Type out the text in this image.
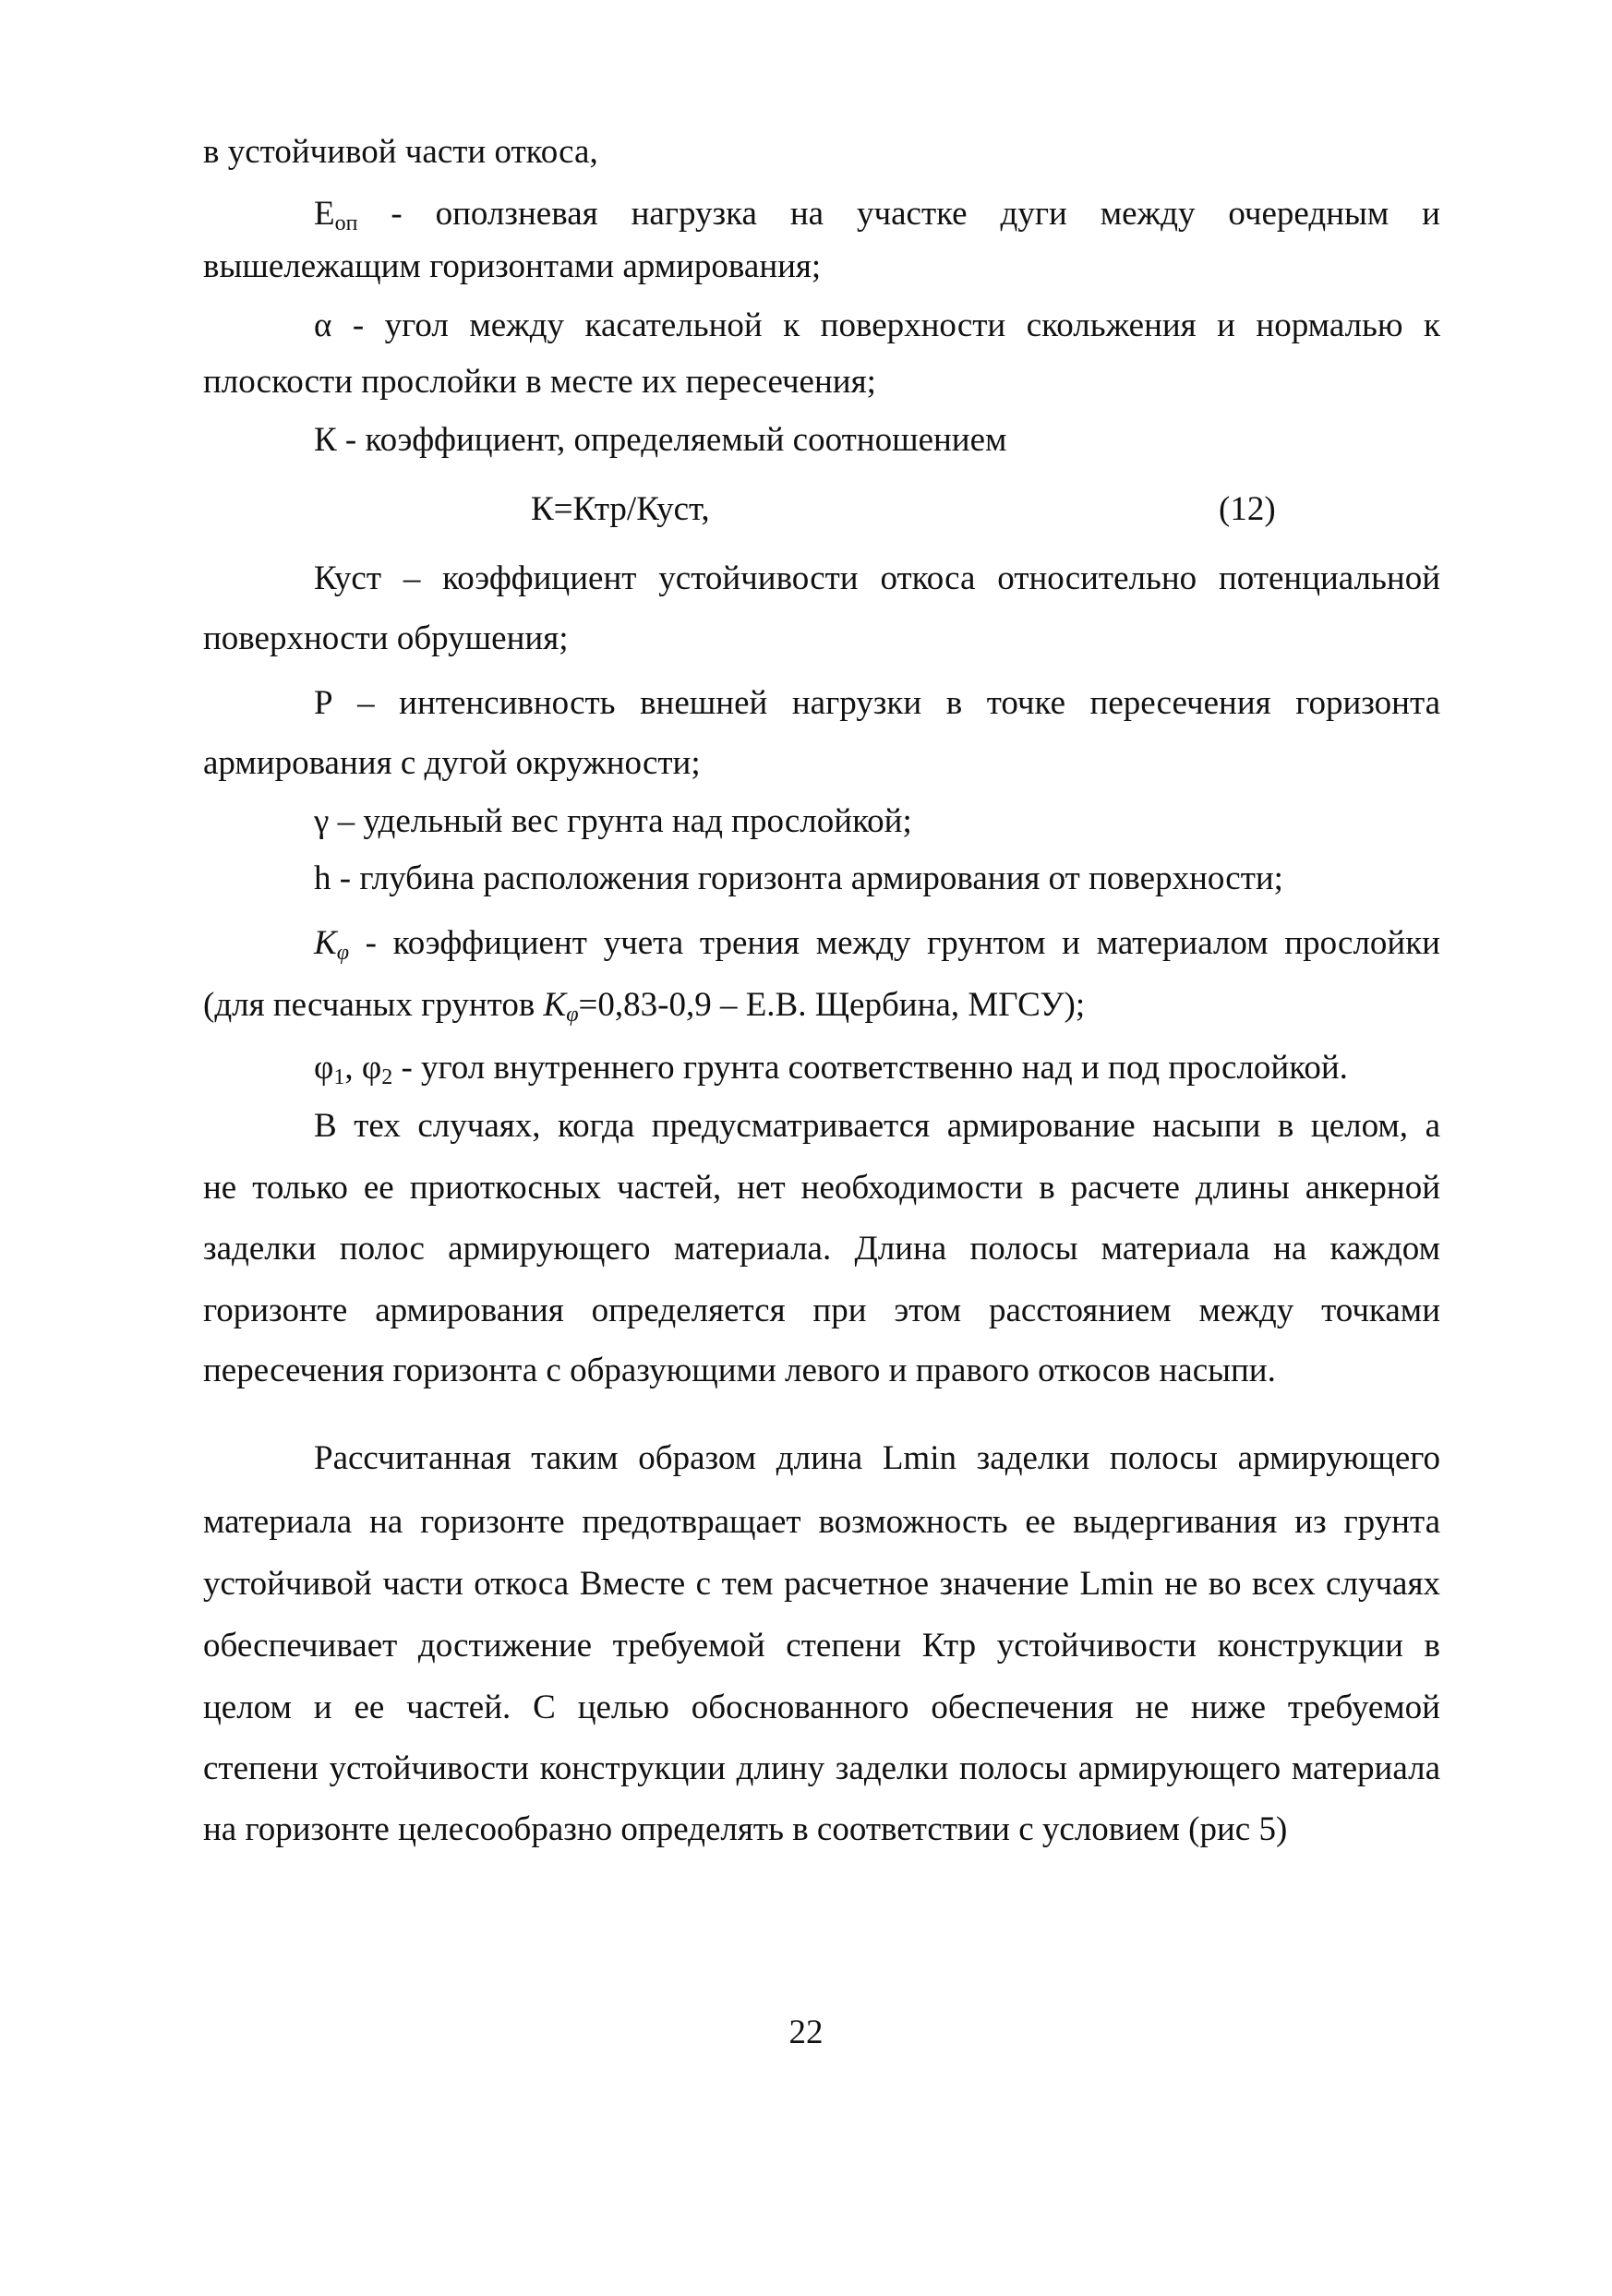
в устойчивой части откоса,
$E_{оп}$ - оползневая нагрузка на участке дуги между очередным и
вышележащим горизонтами армирования;
α - угол между касательной к поверхности скольжения и нормалью к
плоскости прослойки в месте их пересечения;
К - коэффициент, определяемый соотношением
К=Ктр/Куст,	(12)
Куст – коэффициент устойчивости откоса относительно потенциальной
поверхности обрушения;
Р – интенсивность внешней нагрузки в точке пересечения горизонта
армирования с дугой окружности;
γ – удельный вес грунта над прослойкой;
h - глубина расположения горизонта армирования от поверхности;
$K_\varphi$ - коэффициент учета трения между грунтом и материалом прослойки
(для песчаных грунтов $K_\varphi=0,83-0,9 - Е.В$. Щербина, МГСУ);
$\varphi_1$, $\varphi_2$ - угол внутреннего грунта соответственно над и под прослойкой.
В тех случаях, когда предусматривается армирование насыпи в целом, а
не только ее приоткосных частей, нет необходимости в расчете длины анкерной
заделки полос армирующего материала. Длина полосы материала на каждом
горизонте армирования определяется при этом расстоянием между точками
пересечения горизонта с образующими левого и правого откосов насыпи.
Рассчитанная таким образом длина Lmin заделки полосы армирующего
материала на горизонте предотвращает возможность ее выдергивания из грунта
устойчивой части откоса Вместе с тем расчетное значение Lmin не во всех случаях
обеспечивает достижение требуемой степени Ктр устойчивости конструкции в
целом и ее частей. С целью обоснованного обеспечения не ниже требуемой
степени устойчивости конструкции длину заделки полосы армирующего материала
на горизонте целесообразно определять в соответствии с условием (рис 5)
22
